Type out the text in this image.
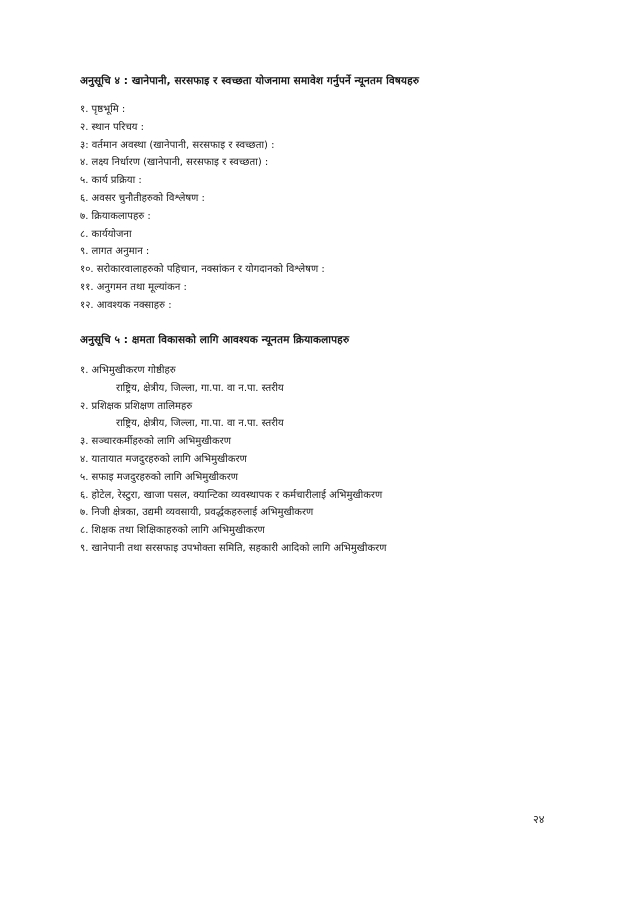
अनुसूचि ४ : खानेपानी, सरसफाइ र स्वच्छता योजनामा समावेश गर्नुपर्ने न्यूनतम विषयहरु
१. पृष्ठभूमि :
२. स्थान परिचय :
३: वर्तमान अवस्था (खानेपानी, सरसफाइ र स्वच्छता) :
४. लक्ष्य निर्धारण (खानेपानी, सरसफाइ र स्वच्छता) :
५. कार्य प्रक्रिया :
६. अवसर चुनौतीहरुको विश्लेषण :
७. क्रियाकलापहरु :
८. कार्ययोजना
९. लागत अनुमान :
१०. सरोकारवालाहरुको पहिचान, नक्सांकन र योगदानको विश्लेषण :
११. अनुगमन तथा मूल्यांकन :
१२. आवश्यक नक्साहरु :
अनुसूचि ५ : क्षमता विकासको लागि आवश्यक न्यूनतम क्रियाकलापहरु
१. अभिमुखीकरण गोष्ठीहरु
राष्ट्रिय, क्षेत्रीय, जिल्ला, गा.पा. वा न.पा. स्तरीय
२. प्रशिक्षक प्रशिक्षण तालिमहरु
राष्ट्रिय, क्षेत्रीय, जिल्ला, गा.पा. वा न.पा. स्तरीय
३. सञ्चारकर्मीहरुको लागि अभिमुखीकरण
४. यातायात मजदुरहरुको लागि अभिमुखीकरण
५. सफाइ मजदुरहरुको लागि अभिमुखीकरण
६. होटेल, रेस्टुरा, खाजा पसल, क्यान्टिका व्यवस्थापक र कर्मचारीलाई अभिमुखीकरण
७. निजी क्षेत्रका, उद्यमी व्यवसायी, प्रवर्द्धकहरुलाई अभिमुखीकरण
८. शिक्षक तथा शिक्षिकाहरुको लागि अभिमुखीकरण
९. खानेपानी तथा सरसफाइ उपभोक्ता समिति, सहकारी आदिको लागि अभिमुखीकरण
२४
